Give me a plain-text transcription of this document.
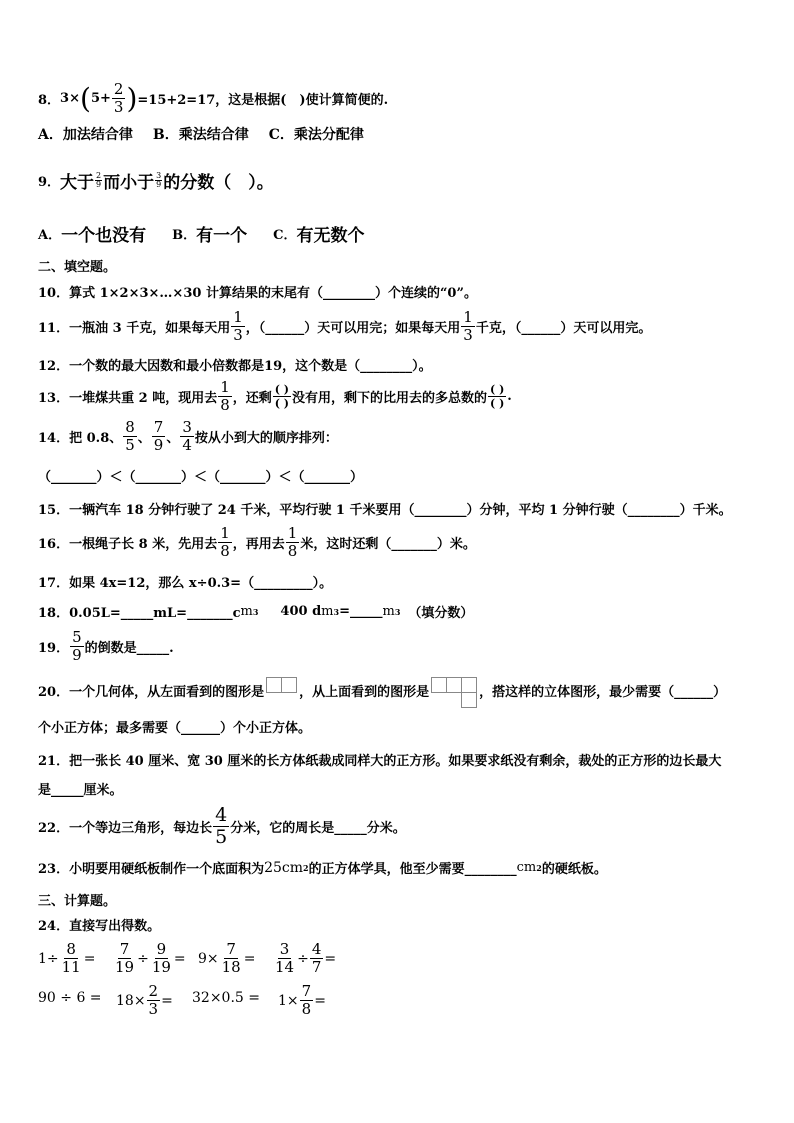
8． 3× ( $5+ \frac{2}{3}$ ) =15+2=17，这是根据(　)使计算简便的.
A．加法结合律 B．乘法结合律 C．乘法分配律
9． 大于 $\frac{2}{9}$ 而小于 $\frac{3}{9}$ 的分数（　）。
A． 一个也没有 B． 有一个 C． 有无数个
二、填空题。
10．算式 1×2×3×…×30 计算结果的末尾有（________）个连续的“0”。
11．一瓶油 3 千克，如果每天用 $\frac{1}{3}$ ，（______）天可以用完；如果每天用 $\frac{1}{3}$ 千克，（______）天可以用完。
12．一个数的最大因数和最小倍数都是19，这个数是（________）。
13．一堆煤共重 2 吨，现用去 $\frac{1}{8}$ ，还剩 $\frac{( )}{( )}$ 没有用，剩下的比用去的多总数的 $\frac{( )}{( )}$ .
14．把 0.8、 $\frac{8}{5}$ 、 $\frac{7}{9}$ 、 $\frac{3}{4}$ 按从小到大的顺序排列：
（_______）＜（_______）＜（_______）＜（_______）
15．一辆汽车 18 分钟行驶了 24 千米，平均行驶 1 千米要用（________）分钟，平均 1 分钟行驶（________）千米。
16．一根绳子长 8 米，先用去 $\frac{1}{8}$ ，再用去 $\frac{1}{8}$ 米，这时还剩（_______）米。
17．如果 4x=12，那么 x÷0.3=（_________）。
18．0.05L=_____mL=_______c m 3 400 d m 3 =_____ m 3 （填分数）
19． $\frac{5}{9}$ 的倒数是_____.
20．一个几何体，从左面看到的图形是	，从上面看到的图形是	，搭这样的立体图形，最少需要（______）
个小正方体；最多需要（______）个小正方体。
21．把一张长 40 厘米、宽 30 厘米的长方体纸裁成同样大的正方形。如果要求纸没有剩余，裁处的正方形的边长最大
是_____厘米。
22．一个等边三角形，每边长 $\frac{4}{5}$ 分米，它的周长是_____分米。
23．小明要用硬纸板制作一个底面积为 25cm 2 的正方体学具，他至少需要________ cm 2 的硬纸板。
三、计算题。
24．直接写出得数。
$1\div \frac{8}{11} = \frac{7}{19} \div \frac{9}{19} = 9\times \frac{7}{18} = \frac{3}{14} \div \frac{4}{7}$ =
$90 \div 6 = 18\times \frac{2}{3} = 32\times 0.5 = 1\times \frac{7}{8}$ =
